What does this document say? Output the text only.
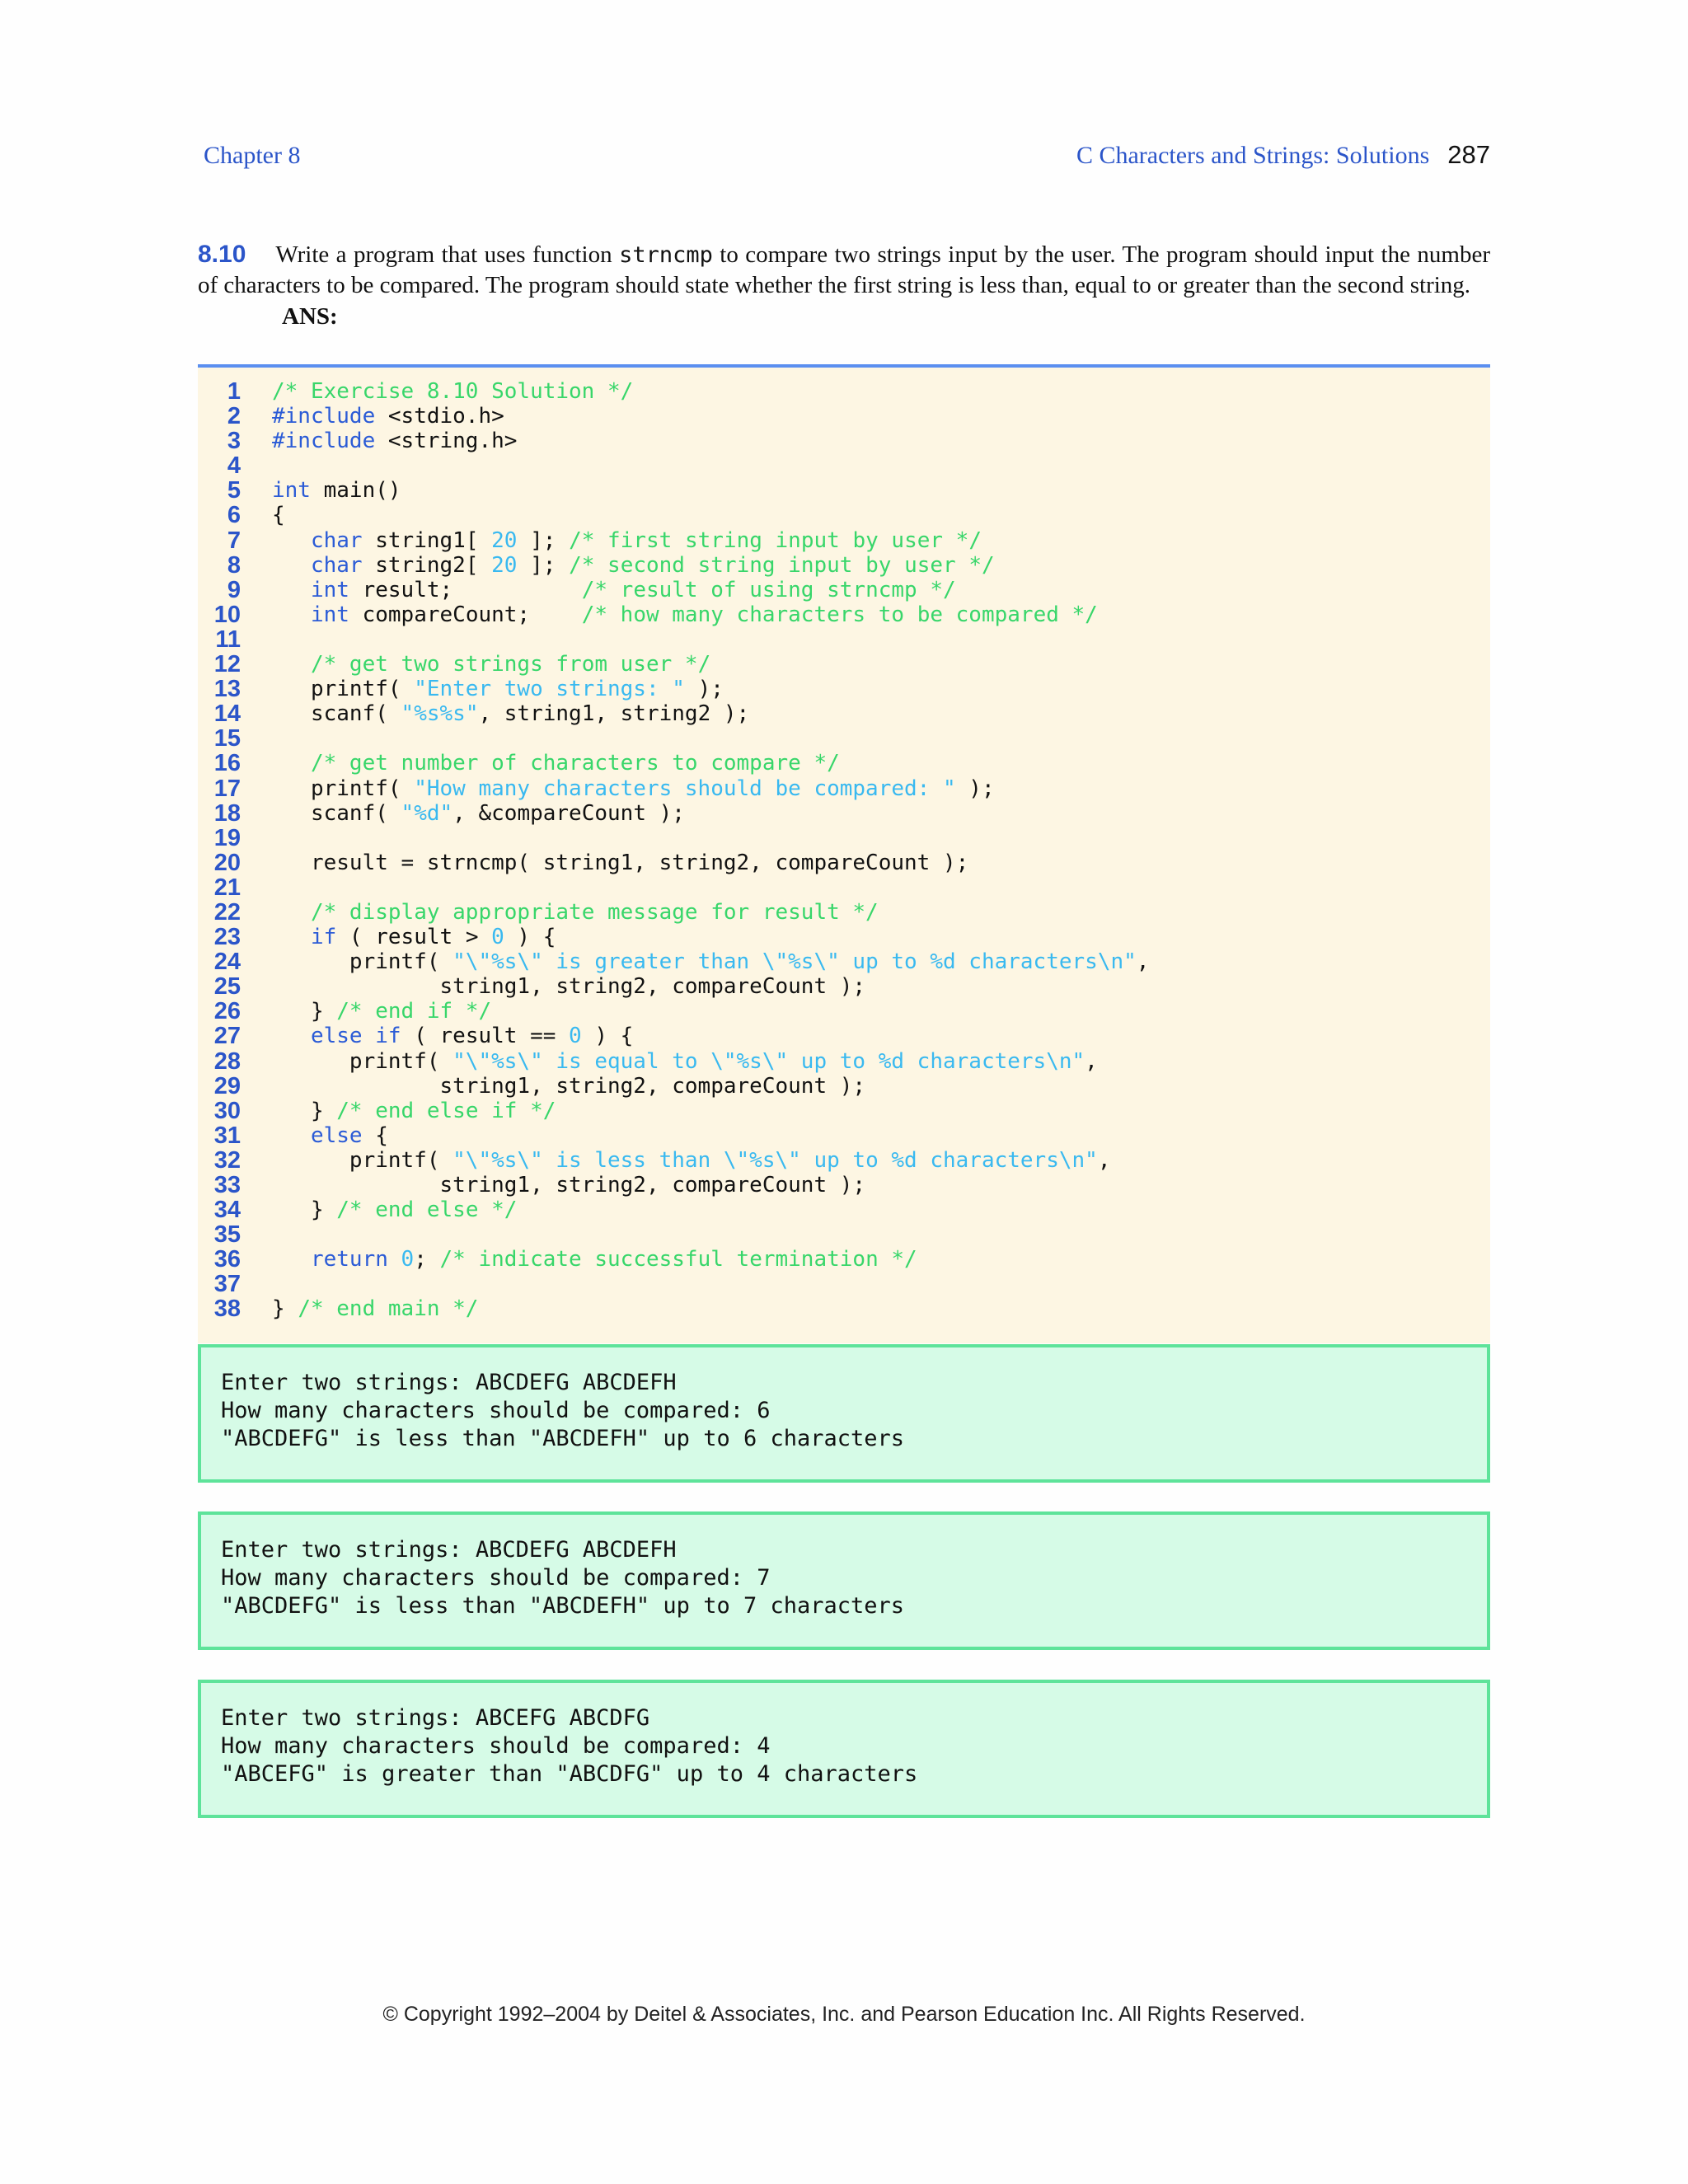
Chapter 8	C Characters and Strings: Solutions 287
8.10 Write a program that uses function strncmp to compare two strings input by the user. The program should input the number of characters to be compared. The program should state whether the first string is less than, equal to or greater than the second string.
ANS:
1 /* Exercise 8.10 Solution */
2 #include <stdio.h>
3 #include <string.h>
4
5 int main()
6 {
7	char string1[ 20 ]; /* first string input by user */
8	char string2[ 20 ]; /* second string input by user */
9	int result;          /* result of using strncmp */
10	int compareCount;    /* how many characters to be compared */
11
12	/* get two strings from user */
13 printf( "Enter two strings: " );
14 scanf( "%s%s", string1, string2 );
15
16	/* get number of characters to compare */
17 printf( "How many characters should be compared: " );
18 scanf( "%d", &compareCount );
19
20 result = strncmp( string1, string2, compareCount );
21
22	/* display appropriate message for result */
23	if ( result > 0 ) {
24 printf( "\"%s\" is greater than \"%s\" up to %d characters\n",
25 string1, string2, compareCount );
26 } /* end if */
27	else if ( result == 0 ) {
28 printf( "\"%s\" is equal to \"%s\" up to %d characters\n",
29 string1, string2, compareCount );
30 } /* end else if */
31	else {
32 printf( "\"%s\" is less than \"%s\" up to %d characters\n",
33 string1, string2, compareCount );
34 } /* end else */
35
36	return 0; /* indicate successful termination */
37
38 } /* end main */
Enter two strings: ABCDEFG ABCDEFH
How many characters should be compared: 6
"ABCDEFG" is less than "ABCDEFH" up to 6 characters
Enter two strings: ABCDEFG ABCDEFH
How many characters should be compared: 7
"ABCDEFG" is less than "ABCDEFH" up to 7 characters
Enter two strings: ABCEFG ABCDFG
How many characters should be compared: 4
"ABCEFG" is greater than "ABCDFG" up to 4 characters
© Copyright 1992–2004 by Deitel & Associates, Inc. and Pearson Education Inc. All Rights Reserved.
